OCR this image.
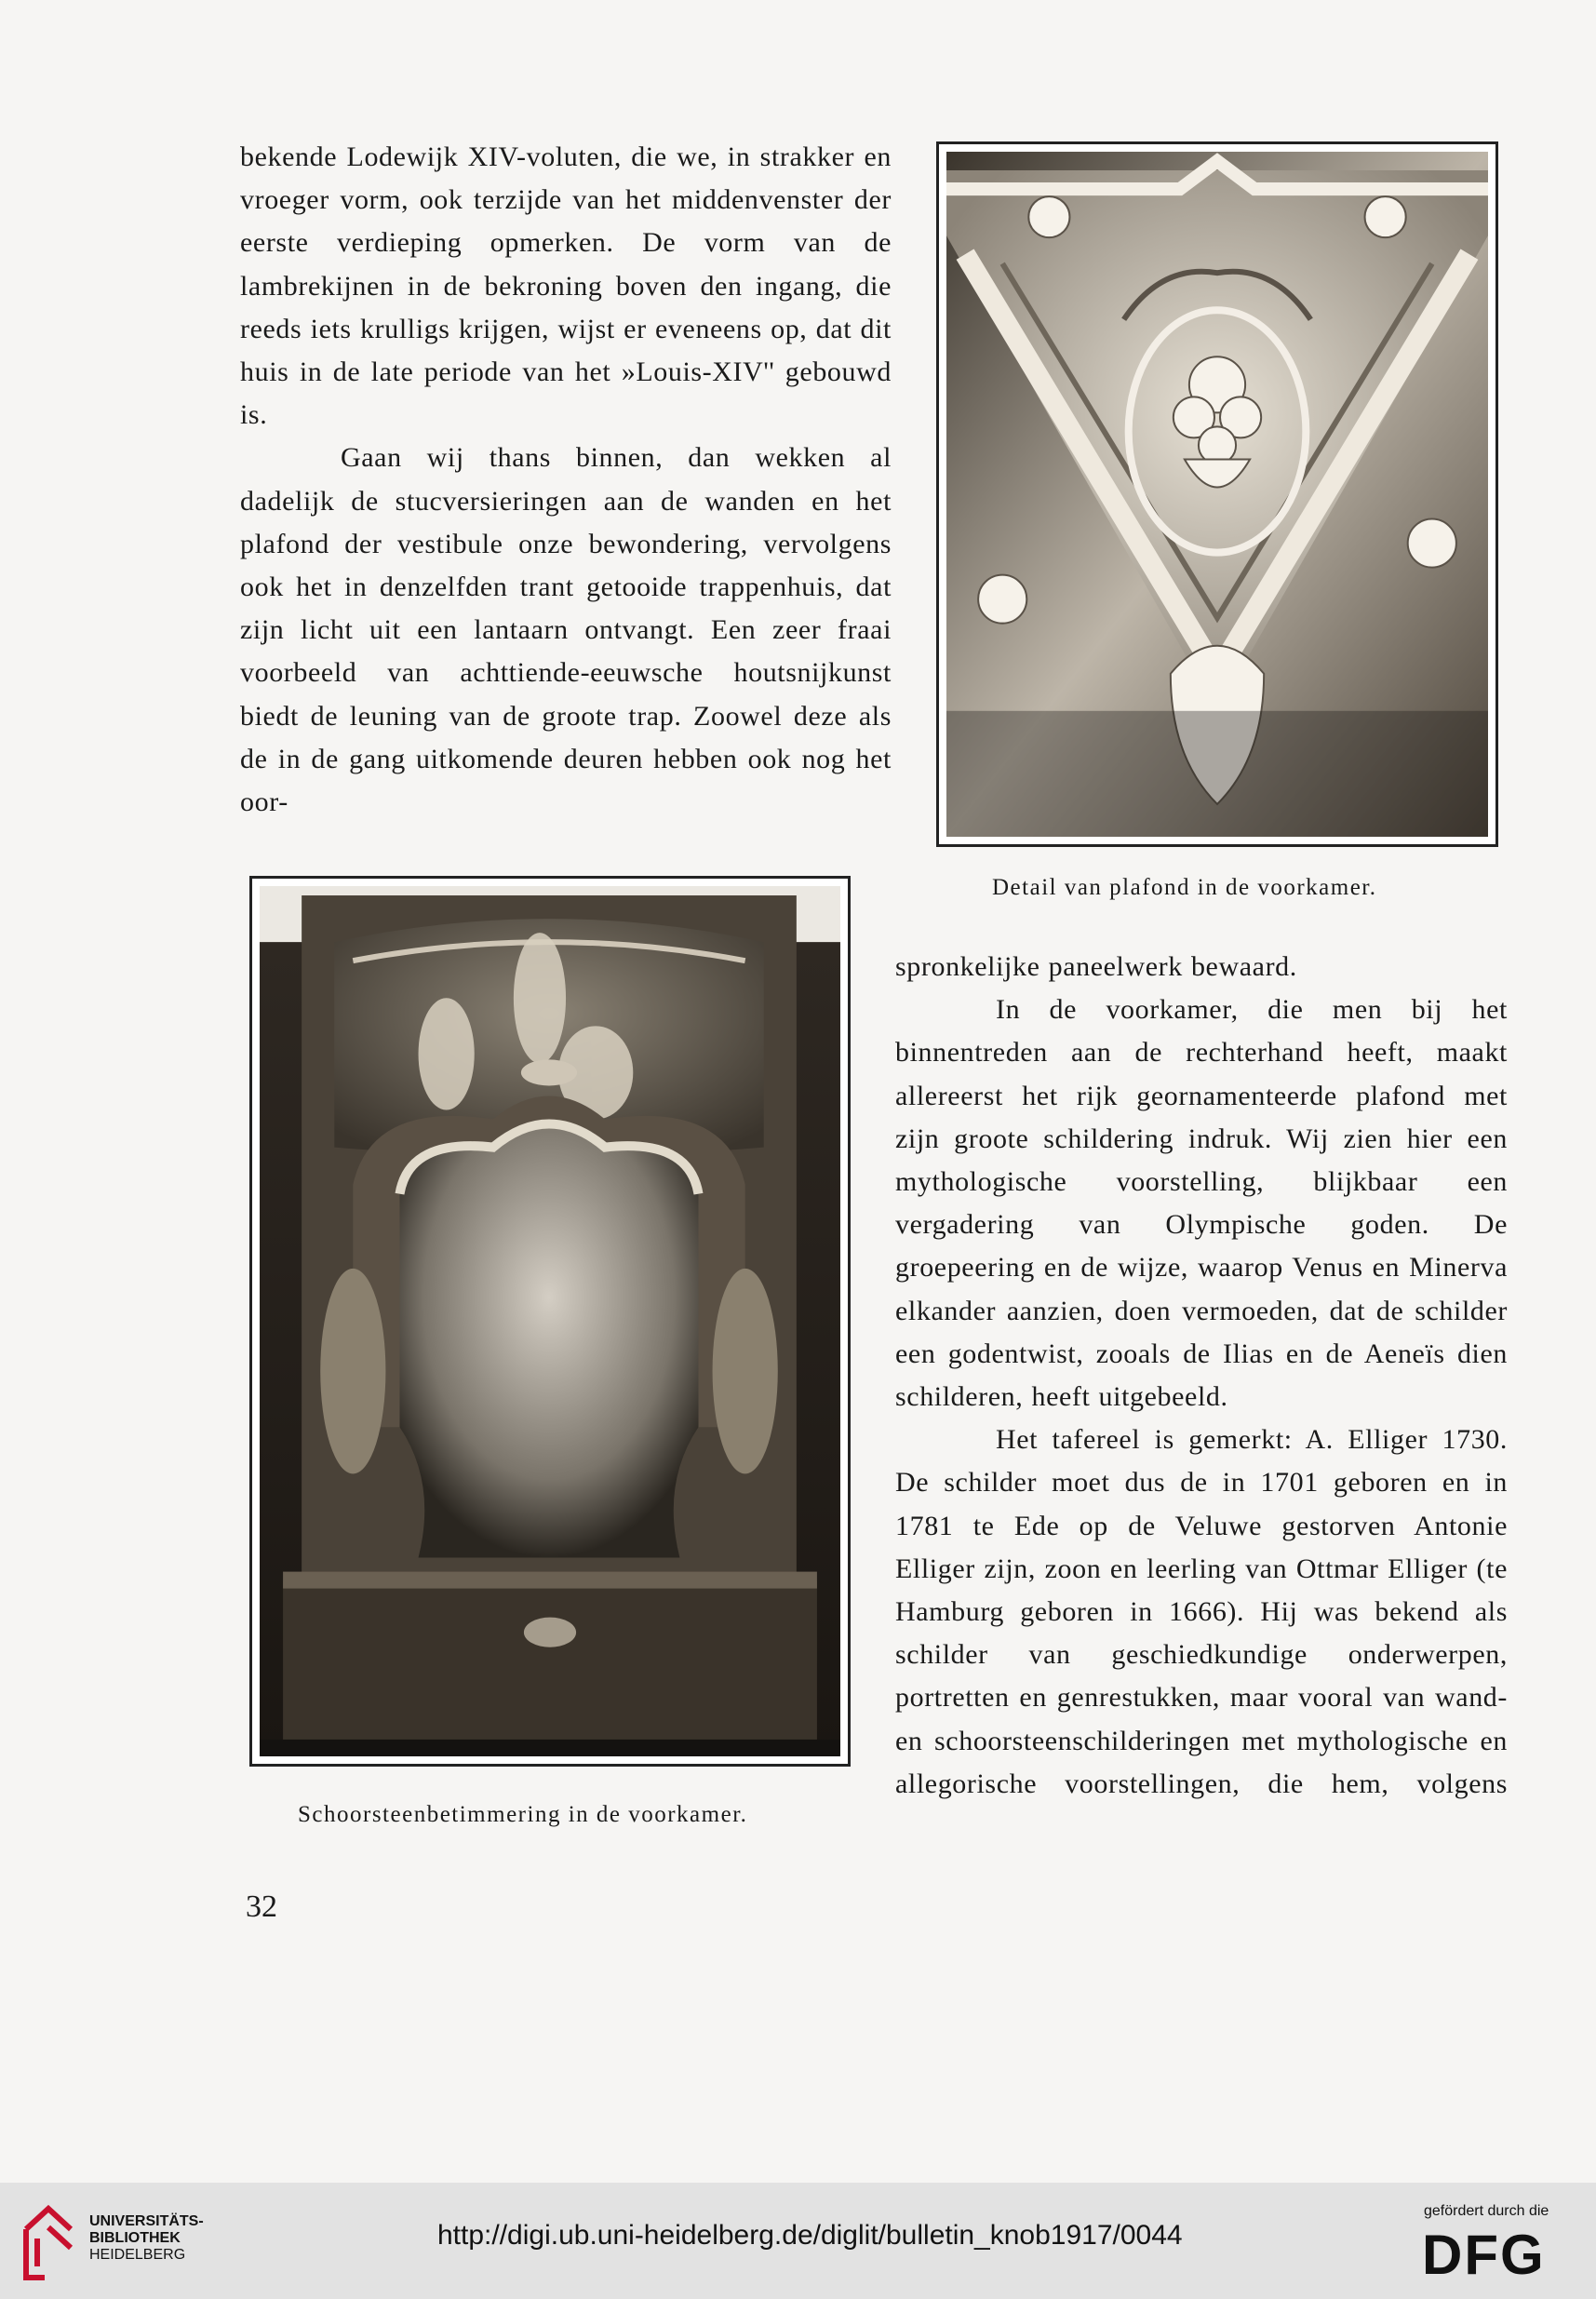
bekende Lodewijk XIV-voluten, die we, in strakker en vroeger vorm, ook terzijde van het middenvenster der eerste verdieping opmerken. De vorm van de lambrekijnen in de bekroning boven den ingang, die reeds iets krulligs krijgen, wijst er eveneens op, dat dit huis in de late periode van het »Louis-XIV'' gebouwd is.

Gaan wij thans binnen, dan wekken al dadelijk de stucversieringen aan de wanden en het plafond der vestibule onze bewondering, vervolgens ook het in denzelfden trant getooide trappenhuis, dat zijn licht uit een lantaarn ontvangt. Een zeer fraai voorbeeld van achttiende-eeuwsche houtsnijkunst biedt de leuning van de groote trap. Zoowel deze als de in de gang uitkomende deuren hebben ook nog het oor-

Detail van plafond in de voorkamer.
Schoorsteenbetimmering in de voorkamer.

spronkelijke paneelwerk bewaard.

In de voorkamer, die men bij het binnentreden aan de rechterhand heeft, maakt allereerst het rijk geornamenteerde plafond met zijn groote schildering indruk. Wij zien hier een mythologische voorstelling, blijkbaar een vergadering van Olympische goden. De groepeering en de wijze, waarop Venus en Minerva elkander aanzien, doen vermoeden, dat de schilder een godentwist, zooals de Ilias en de Aeneïs dien schilderen, heeft uitgebeeld.

Het tafereel is gemerkt: A. Elliger 1730. De schilder moet dus de in 1701 geboren en in 1781 te Ede op de Veluwe gestorven Antonie Elliger zijn, zoon en leerling van Ottmar Elliger (te Hamburg geboren in 1666). Hij was bekend als schilder van geschiedkundige onderwerpen, portretten en genrestukken, maar vooral van wand- en schoorsteenschilderingen met mythologische en allegorische voorstellingen, die hem, volgens

32
UNIVERSITÄTS-
BIBLIOTHEK
HEIDELBERG
http://digi.ub.uni-heidelberg.de/diglit/bulletin_knob1917/0044
gefördert durch die
DFG
